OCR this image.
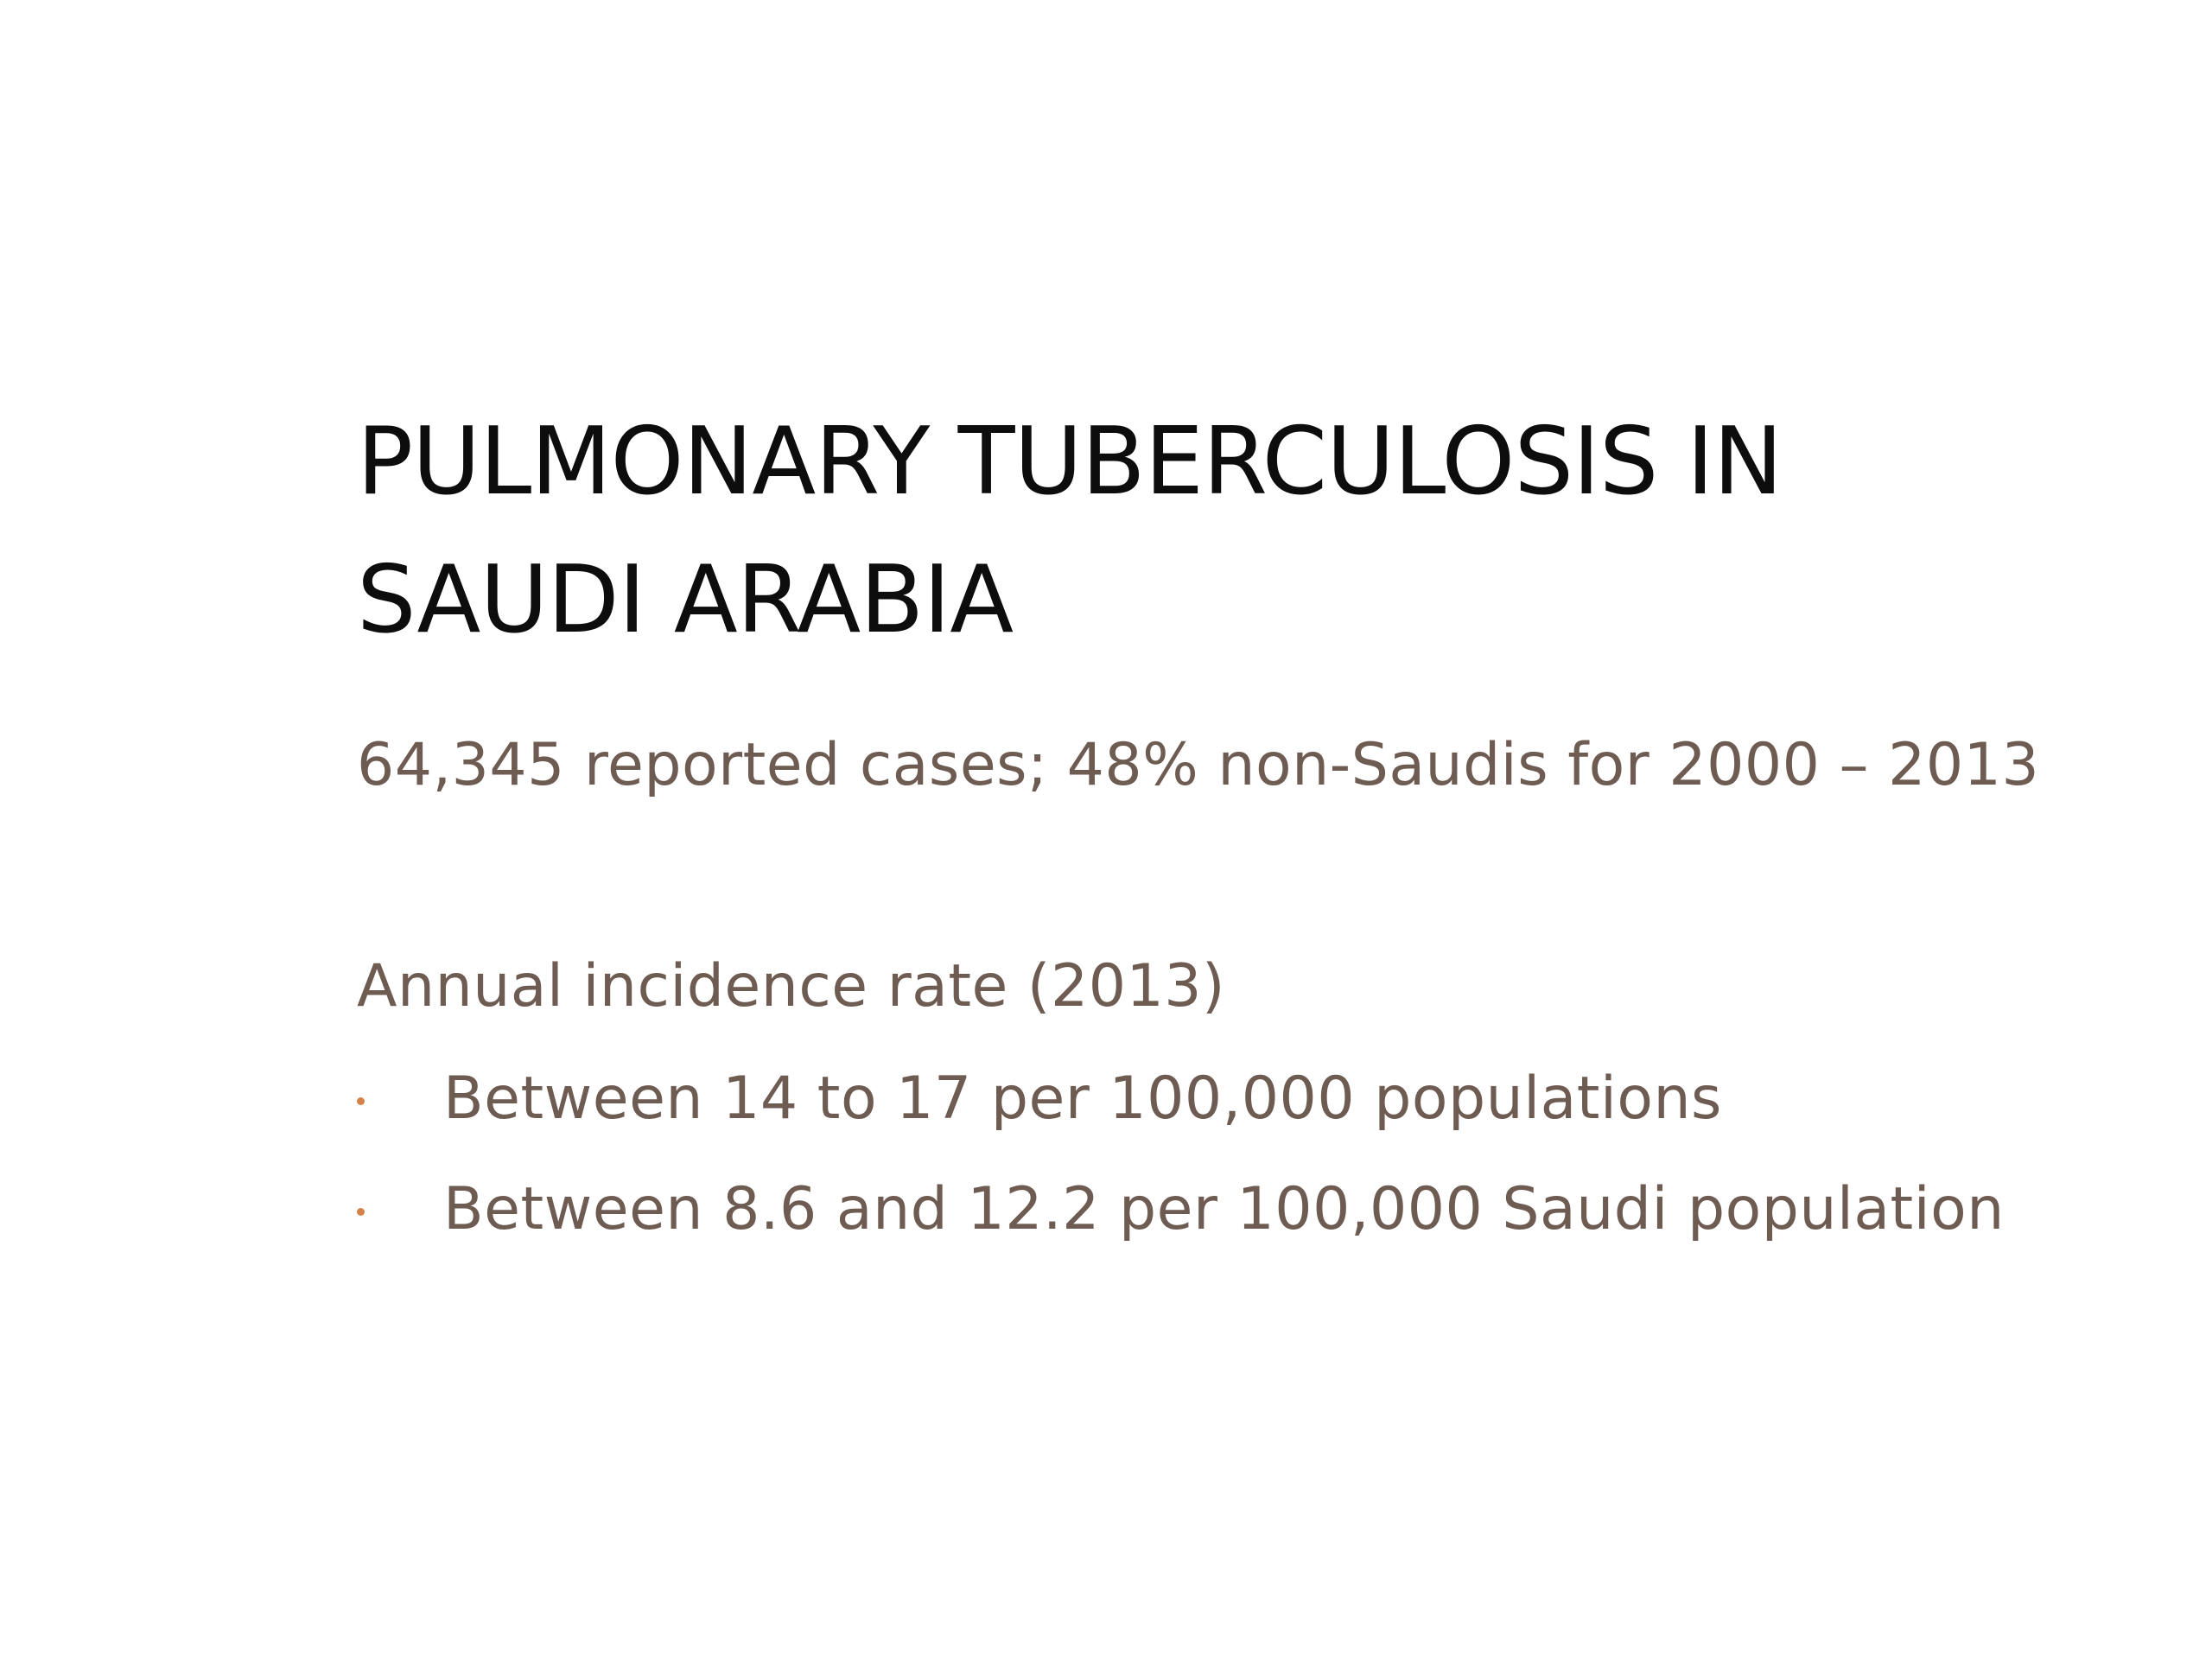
PULMONARY TUBERCULOSIS IN
SAUDI ARABIA
64,345 reported cases; 48% non-Saudis for 2000 – 2013
Annual incidence rate (2013)
Between 14 to 17 per 100,000 populations
Between 8.6 and 12.2 per 100,000 Saudi population
